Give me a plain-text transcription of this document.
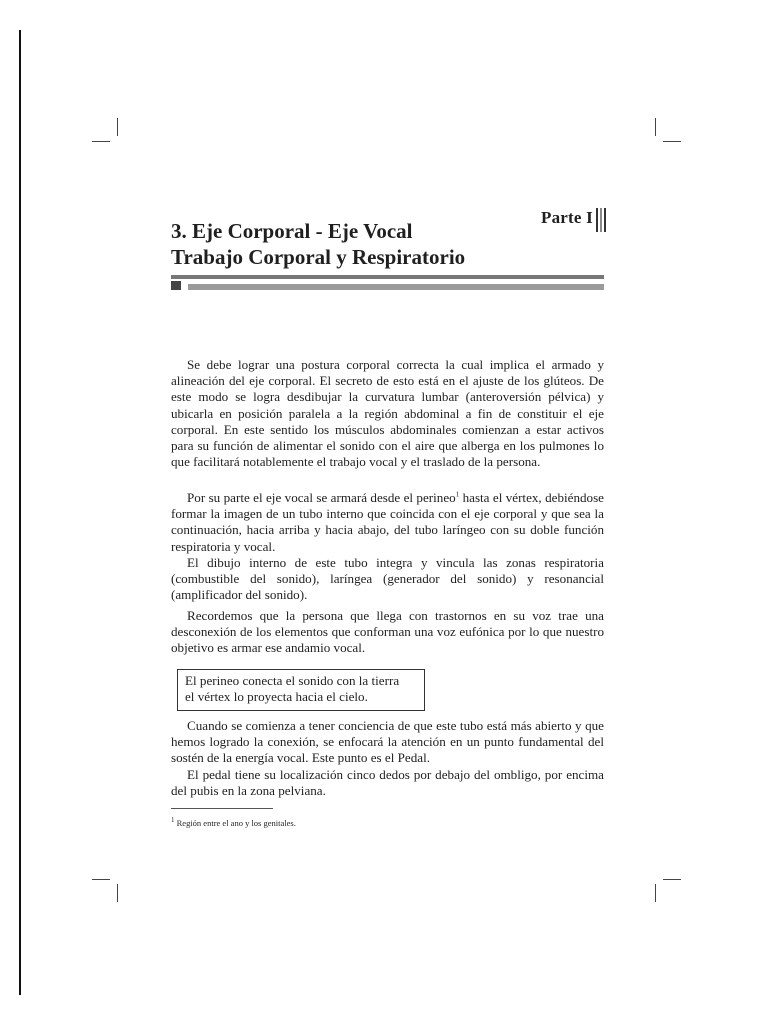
Parte I
3. Eje Corporal - Eje Vocal
Trabajo Corporal y Respiratorio

Se debe lograr una postura corporal correcta la cual implica el armado y alineación del eje corporal. El secreto de esto está en el ajuste de los glúteos. De este modo se logra desdibujar la curvatura lumbar (anteroversión pélvica) y ubicarla en posición paralela a la región abdominal a fin de constituir el eje corporal. En este sentido los músculos abdominales comienzan a estar activos para su función de alimentar el sonido con el aire que alberga en los pulmones lo que facilitará notablemente el trabajo vocal y el traslado de la persona.

Por su parte el eje vocal se armará desde el perineo$^1$ hasta el vértex, debiéndose formar la imagen de un tubo interno que coincida con el eje corporal y que sea la continuación, hacia arriba y hacia abajo, del tubo laríngeo con su doble función respiratoria y vocal.

El dibujo interno de este tubo integra y vincula las zonas respiratoria (combustible del sonido), laríngea (generador del sonido) y resonancial (amplificador del sonido).

Recordemos que la persona que llega con trastornos en su voz trae una desconexión de los elementos que conforman una voz eufónica por lo que nuestro objetivo es armar ese andamio vocal.

El perineo conecta el sonido con la tierra
el vértex lo proyecta hacia el cielo.

Cuando se comienza a tener conciencia de que este tubo está más abierto y que hemos logrado la conexión, se enfocará la atención en un punto fundamental del sostén de la energía vocal. Este punto es el Pedal.

El pedal tiene su localización cinco dedos por debajo del ombligo, por encima del pubis en la zona pelviana.

$^1$ Región entre el ano y los genitales.
